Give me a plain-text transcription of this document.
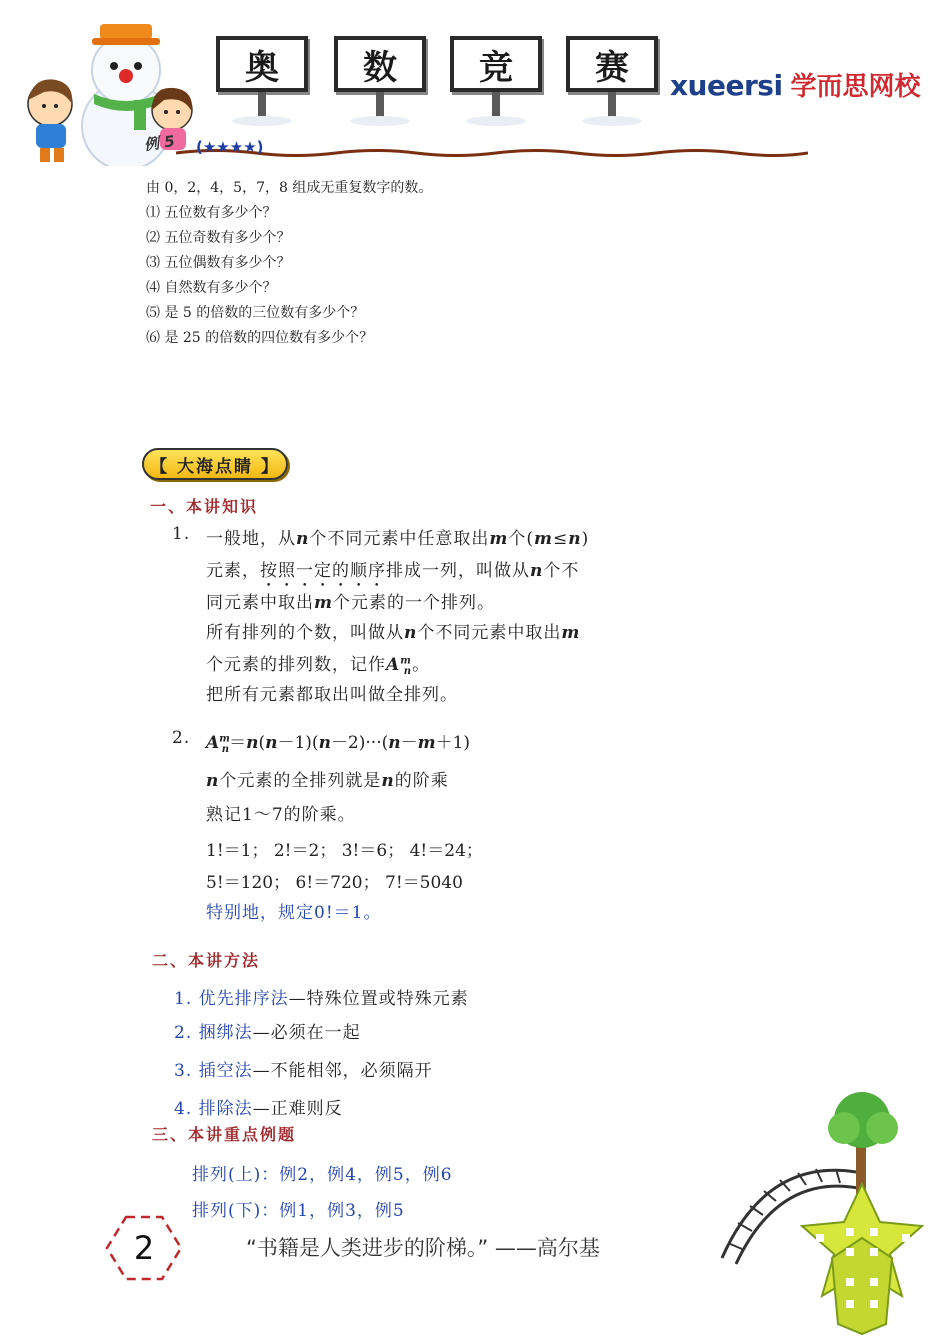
奥	数	竞	赛	xueersi 学而思网校
例 5 (★★★★)
由 0，2，4，5，7，8 组成无重复数字的数。
⑴ 五位数有多少个？
⑵ 五位奇数有多少个？
⑶ 五位偶数有多少个？
⑷ 自然数有多少个？
⑸ 是 5 的倍数的三位数有多少个？
⑹ 是 25 的倍数的四位数有多少个？
【 大海点睛 】
一、本讲知识
1. 一般地，从n个不同元素中任意取出m个(m≤n)
元素，按照一定的顺序排成一列，叫做从n个不
同元素中取出m个元素的一个排列。
所有排列的个数，叫做从n个不同元素中取出m
个元素的排列数，记作$A^m_n$。
把所有元素都取出叫做全排列。
2. $A^m_n=n(n-1)(n-2)\cdot\cdot\cdot(n-m+1)$
n个元素的全排列就是n的阶乘
熟记1～7的阶乘。
1!＝1； 2!＝2； 3!＝6； 4!＝24；
5!＝120； 6!＝720； 7!＝5040
特别地，规定0!＝1。
二、本讲方法
1. 优先排序法—特殊位置或特殊元素
2. 捆绑法—必须在一起
3. 插空法—不能相邻，必须隔开
4. 排除法—正难则反
三、本讲重点例题
排列(上)：例2，例4，例5，例6
排列(下)：例1，例3，例5
2	“书籍是人类进步的阶梯。” ——高尔基
